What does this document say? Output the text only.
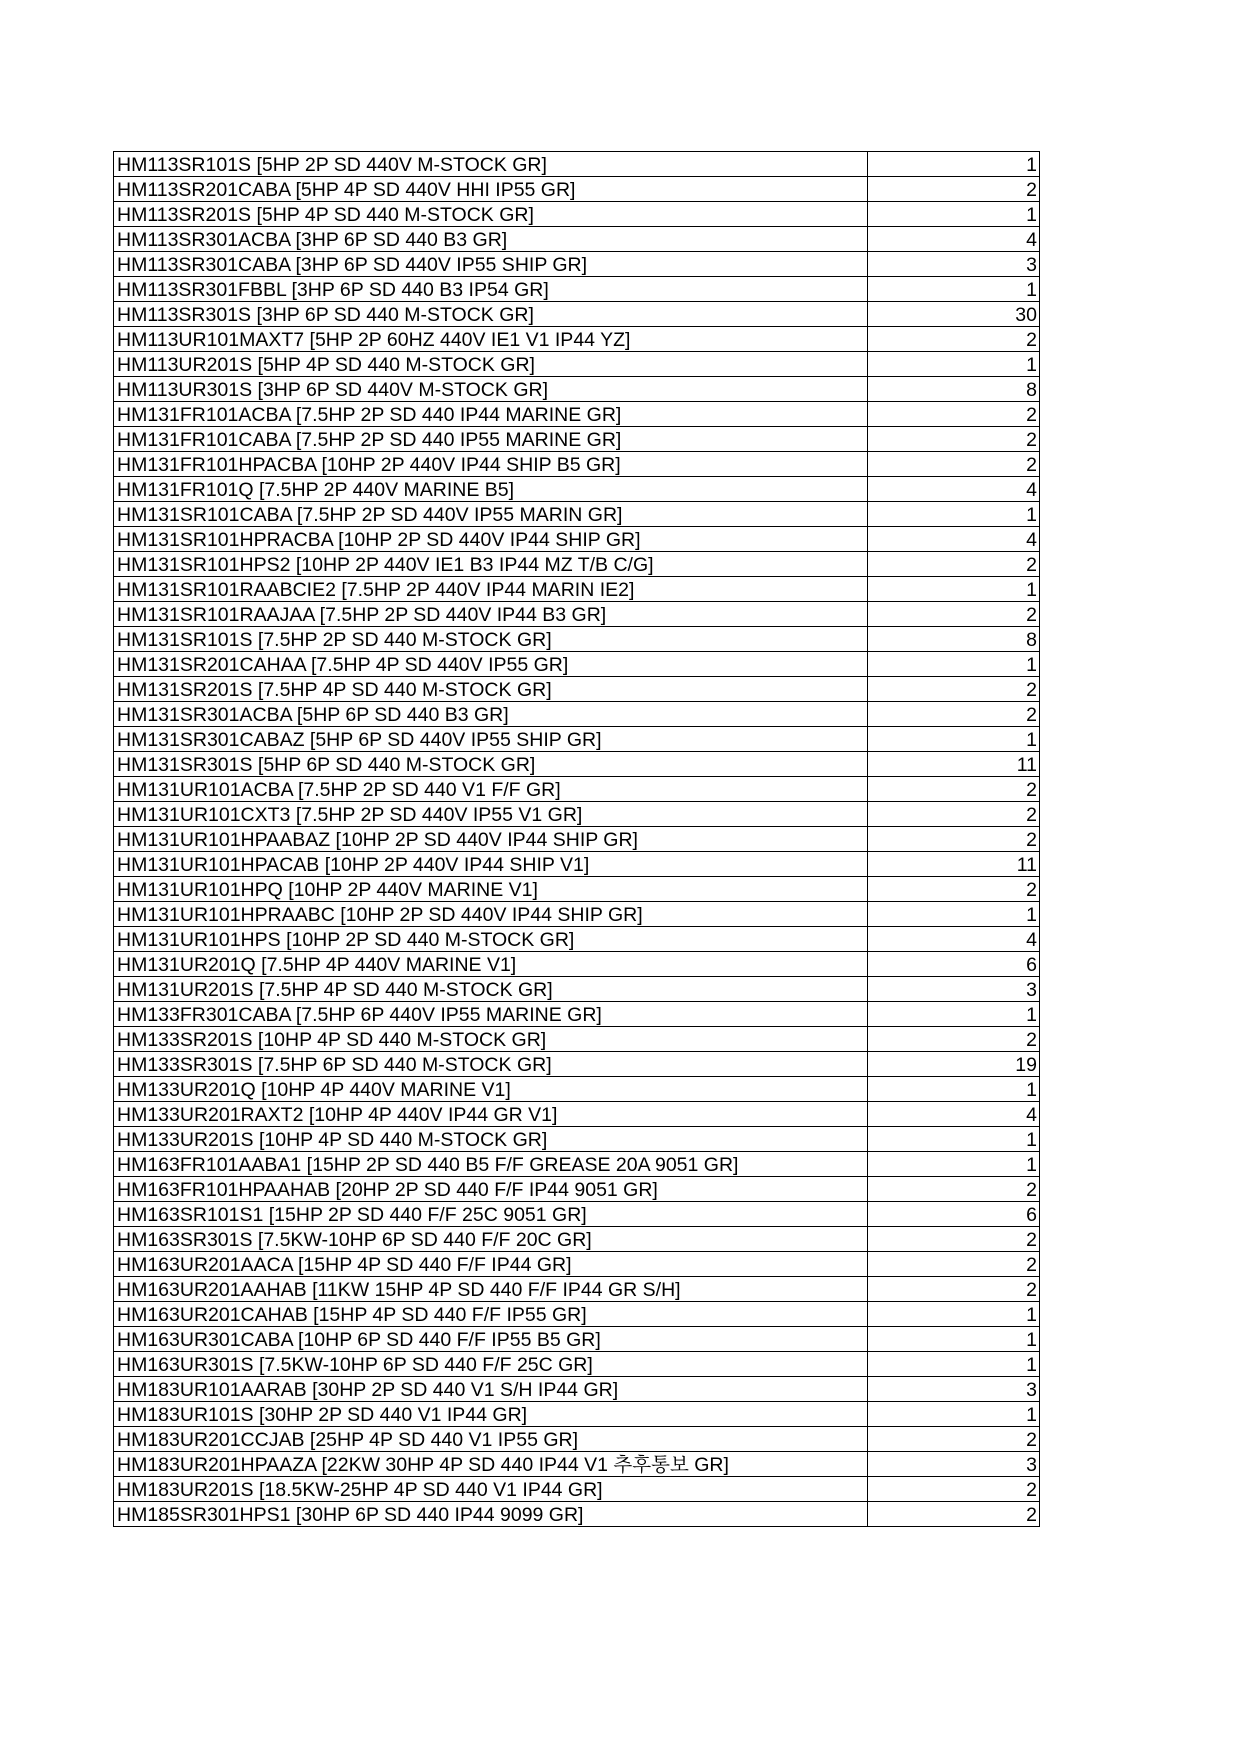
HM113SR101S [5HP 2P SD 440V M-STOCK GR]	1
HM113SR201CABA [5HP 4P SD 440V HHI IP55 GR]	2
HM113SR201S [5HP 4P SD 440 M-STOCK GR]	1
HM113SR301ACBA [3HP 6P SD 440 B3 GR]	4
HM113SR301CABA [3HP 6P SD 440V IP55 SHIP GR]	3
HM113SR301FBBL [3HP 6P SD 440 B3 IP54 GR]	1
HM113SR301S [3HP 6P SD 440 M-STOCK GR]	30
HM113UR101MAXT7 [5HP 2P 60HZ 440V IE1 V1 IP44 YZ]	2
HM113UR201S [5HP 4P SD 440 M-STOCK GR]	1
HM113UR301S [3HP 6P SD 440V M-STOCK GR]	8
HM131FR101ACBA [7.5HP 2P SD 440 IP44 MARINE GR]	2
HM131FR101CABA [7.5HP 2P SD 440 IP55 MARINE GR]	2
HM131FR101HPACBA [10HP 2P 440V IP44 SHIP B5 GR]	2
HM131FR101Q [7.5HP 2P 440V MARINE B5]	4
HM131SR101CABA [7.5HP 2P SD 440V IP55 MARIN GR]	1
HM131SR101HPRACBA [10HP 2P SD 440V IP44 SHIP GR]	4
HM131SR101HPS2 [10HP 2P 440V IE1 B3 IP44 MZ T/B C/G]	2
HM131SR101RAABCIE2 [7.5HP 2P 440V IP44 MARIN IE2]	1
HM131SR101RAAJAA [7.5HP 2P SD 440V IP44 B3 GR]	2
HM131SR101S [7.5HP 2P SD 440 M-STOCK GR]	8
HM131SR201CAHAA [7.5HP 4P SD 440V IP55 GR]	1
HM131SR201S [7.5HP 4P SD 440 M-STOCK GR]	2
HM131SR301ACBA [5HP 6P SD 440 B3 GR]	2
HM131SR301CABAZ [5HP 6P SD 440V IP55 SHIP GR]	1
HM131SR301S [5HP 6P SD 440 M-STOCK GR]	11
HM131UR101ACBA [7.5HP 2P SD 440 V1 F/F GR]	2
HM131UR101CXT3 [7.5HP 2P SD 440V IP55 V1 GR]	2
HM131UR101HPAABAZ [10HP 2P SD 440V IP44 SHIP GR]	2
HM131UR101HPACAB [10HP 2P 440V IP44 SHIP V1]	11
HM131UR101HPQ [10HP 2P 440V MARINE V1]	2
HM131UR101HPRAABC [10HP 2P SD 440V IP44 SHIP GR]	1
HM131UR101HPS [10HP 2P SD 440 M-STOCK GR]	4
HM131UR201Q [7.5HP 4P 440V MARINE V1]	6
HM131UR201S [7.5HP 4P SD 440 M-STOCK GR]	3
HM133FR301CABA [7.5HP 6P 440V IP55 MARINE GR]	1
HM133SR201S [10HP 4P SD 440 M-STOCK GR]	2
HM133SR301S [7.5HP 6P SD 440 M-STOCK GR]	19
HM133UR201Q [10HP 4P 440V MARINE V1]	1
HM133UR201RAXT2 [10HP 4P 440V IP44 GR V1]	4
HM133UR201S [10HP 4P SD 440 M-STOCK GR]	1
HM163FR101AABA1 [15HP 2P SD 440 B5 F/F GREASE 20A 9051 GR]	1
HM163FR101HPAAHAB [20HP 2P SD 440 F/F IP44 9051 GR]	2
HM163SR101S1 [15HP 2P SD 440 F/F 25C 9051 GR]	6
HM163SR301S [7.5KW-10HP 6P SD 440 F/F 20C GR]	2
HM163UR201AACA [15HP 4P SD 440 F/F IP44 GR]	2
HM163UR201AAHAB [11KW 15HP 4P SD 440 F/F IP44 GR S/H]	2
HM163UR201CAHAB [15HP 4P SD 440 F/F IP55 GR]	1
HM163UR301CABA [10HP 6P SD 440 F/F IP55 B5 GR]	1
HM163UR301S [7.5KW-10HP 6P SD 440 F/F 25C GR]	1
HM183UR101AARAB [30HP 2P SD 440 V1 S/H IP44 GR]	3
HM183UR101S [30HP 2P SD 440 V1 IP44 GR]	1
HM183UR201CCJAB [25HP 4P SD 440 V1 IP55 GR]	2
HM183UR201HPAAZA [22KW 30HP 4P SD 440 IP44 V1 추후통보 GR]	3
HM183UR201S [18.5KW-25HP 4P SD 440 V1 IP44 GR]	2
HM185SR301HPS1 [30HP 6P SD 440 IP44 9099 GR]	2
